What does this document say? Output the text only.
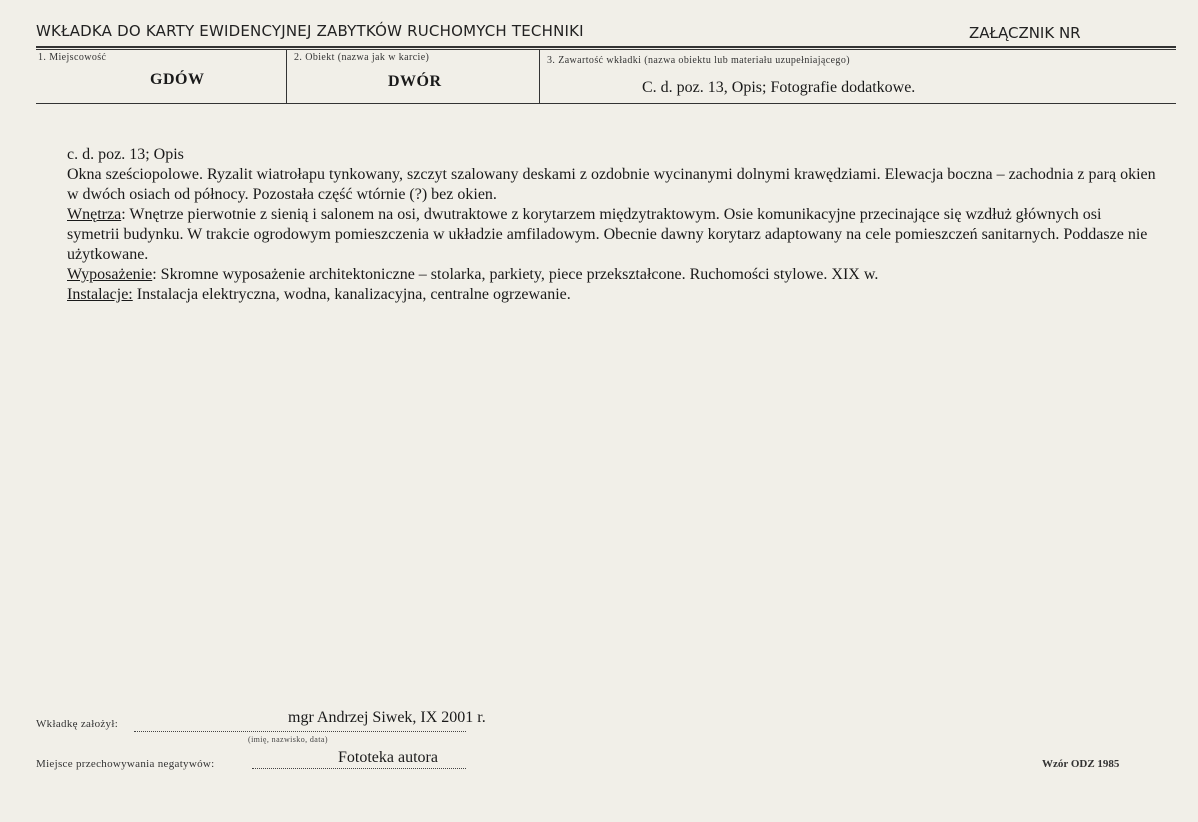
WKŁADKA DO KARTY EWIDENCYJNEJ ZABYTKÓW RUCHOMYCH TECHNIKI	ZAŁĄCZNIK NR
1. Miejscowość
GDÓW
2. Obiekt (nazwa jak w karcie)
DWÓR
3. Zawartość wkładki (nazwa obiektu lub materiału uzupełniającego)
C. d. poz. 13, Opis; Fotografie dodatkowe.

c. d. poz. 13; Opis

Okna sześciopolowe. Ryzalit wiatrołapu tynkowany, szczyt szalowany deskami z ozdobnie wycinanymi dolnymi krawędziami. Elewacja boczna – zachodnia z parą okien w dwóch osiach od północy. Pozostała część wtórnie (?) bez okien.

Wnętrza: Wnętrze pierwotnie z sienią i salonem na osi, dwutraktowe z korytarzem międzytraktowym. Osie komunikacyjne przecinające się wzdłuż głównych osi symetrii budynku. W trakcie ogrodowym pomieszczenia w układzie amfiladowym. Obecnie dawny korytarz adaptowany na cele pomieszczeń sanitarnych. Poddasze nie użytkowane.

Wyposażenie: Skromne wyposażenie architektoniczne – stolarka, parkiety, piece przekształcone. Ruchomości stylowe. XIX w.

Instalacje: Instalacja elektryczna, wodna, kanalizacyjna, centralne ogrzewanie.

Wkładkę założył:	mgr Andrzej Siwek, IX 2001 r.
(imię, nazwisko, data)
Miejsce przechowywania negatywów:	Fototeka autora	Wzór ODZ 1985
